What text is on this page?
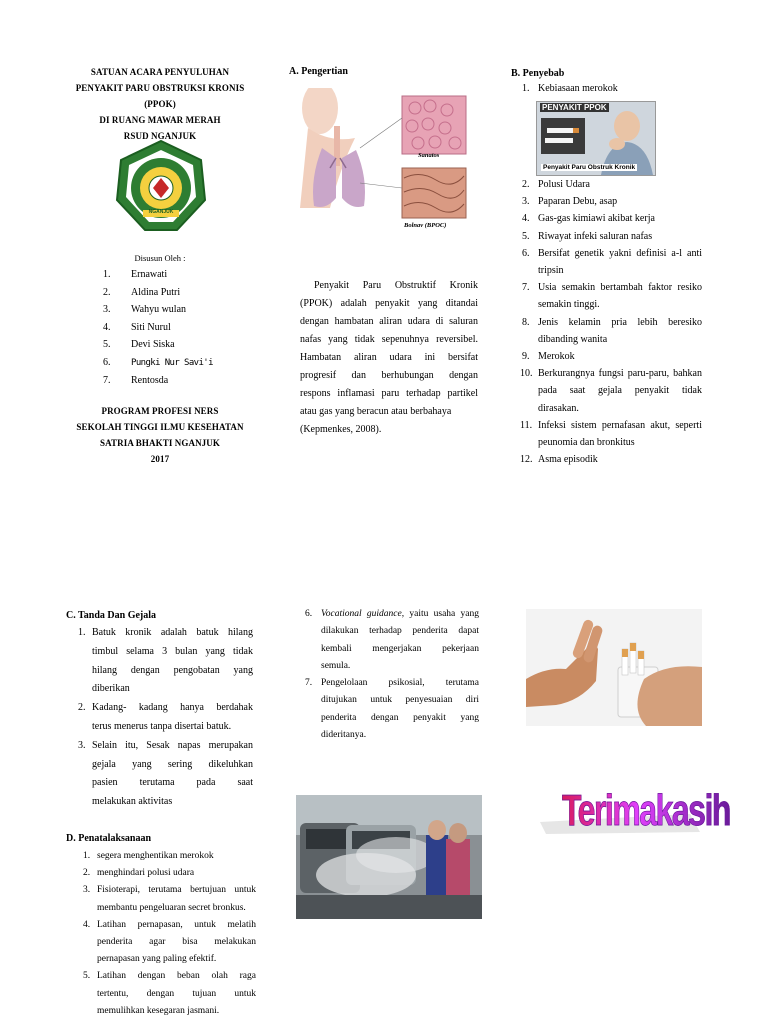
SATUAN ACARA PENYULUHAN
PENYAKIT PARU OBSTRUKSI KRONIS
(PPOK)
DI RUANG MAWAR MERAH
RSUD NGANJUK
NGANJUK
Disusun Oleh :
1. Ernawati
2. Aldina Putri
3. Wahyu wulan
4. Siti Nurul
5. Devi Siska
6. Pungki Nur Savi'i
7. Rentosda
PROGRAM PROFESI NERS
SEKOLAH TINGGI ILMU KESEHATAN
SATRIA BHAKTI NGANJUK
2017
A. Pengertian
Sanatos
Bolnav (BPOC)
Penyakit Paru Obstruktif Kronik
(PPOK) adalah penyakit yang ditandai
dengan hambatan aliran udara di saluran
nafas yang tidak sepenuhnya reversibel.
Hambatan aliran udara ini bersifat
progresif dan berhubungan dengan
respons inflamasi paru terhadap partikel
atau gas yang beracun atau berbahaya
(Kepmenkes, 2008).
B. Penyebab
PENYAKIT PPOK
Penyakit Paru Obstruk Kronik
1. Kebiasaan merokok
2. Polusi Udara
3. Paparan Debu, asap
4. Gas-gas kimiawi akibat kerja
5. Riwayat infeki saluran nafas
6. Bersifat genetik yakni definisi a-l anti
tripsin
7. Usia semakin bertambah faktor resiko
semakin tinggi.
8. Jenis kelamin pria lebih beresiko
dibanding wanita
9. Merokok
10. Berkurangnya fungsi paru-paru, bahkan
pada saat gejala penyakit tidak
dirasakan.
11. Infeksi sistem pernafasan akut, seperti
peunomia dan bronkitus
12. Asma episodik
C. Tanda Dan Gejala
1. Batuk kronik adalah batuk hilang
timbul selama 3 bulan yang tidak
hilang dengan pengobatan yang
diberikan
2. Kadang- kadang hanya berdahak
terus menerus tanpa disertai batuk.
3. Selain itu, Sesak napas merupakan
gejala yang sering dikeluhkan
pasien terutama pada saat
melakukan aktivitas
D. Penatalaksanaan
1. segera menghentikan merokok
2. menghindari polusi udara
3. Fisioterapi, terutama bertujuan untuk
membantu pengeluaran secret bronkus.
4. Latihan pernapasan, untuk melatih
penderita agar bisa melakukan
pernapasan yang paling efektif.
5. Latihan dengan beban olah raga
tertentu, dengan tujuan untuk
memulihkan kesegaran jasmani.
6. Vocational guidance, yaitu usaha yang
dilakukan terhadap penderita dapat
kembali mengerjakan pekerjaan
semula.
7. Pengelolaan psikosial, terutama
ditujukan untuk penyesuaian diri
penderita dengan penyakit yang
dideritanya.
Terimakasih
